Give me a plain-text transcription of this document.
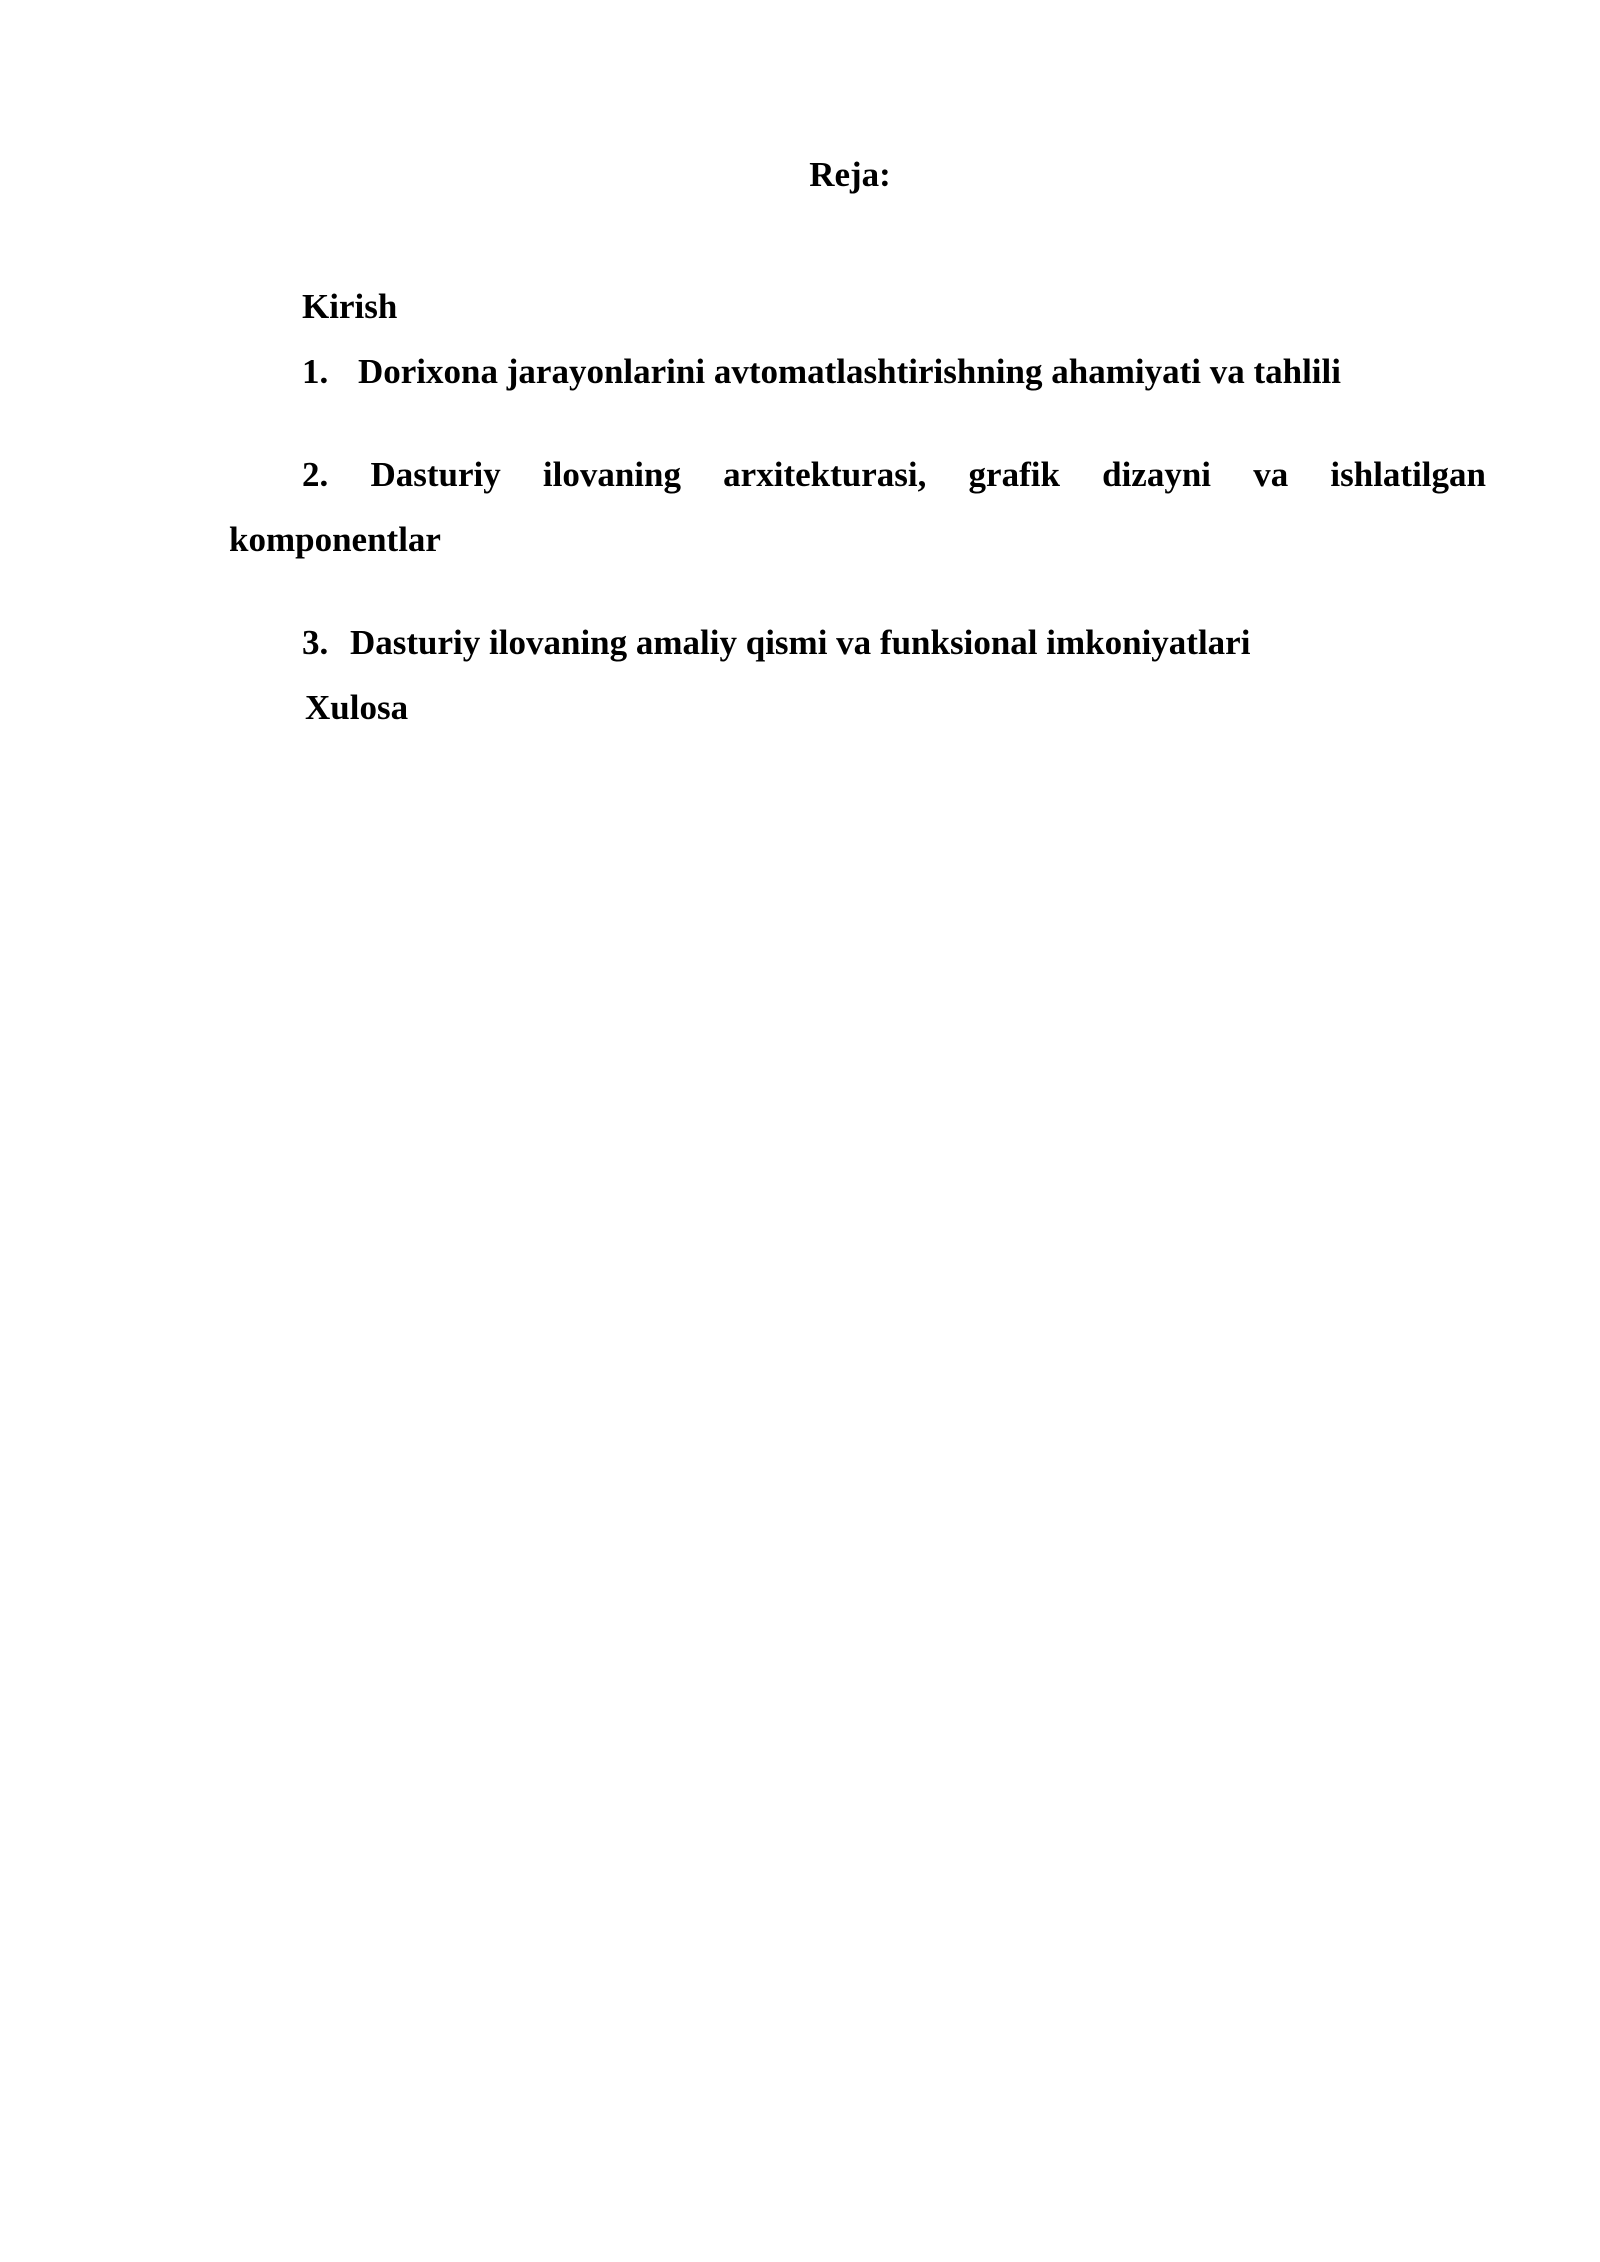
Reja:
Kirish
1. Dorixona jarayonlarini avtomatlashtirishning ahamiyati va tahlili
2. Dasturiy ilovaning arxitekturasi, grafik dizayni va ishlatilgan
komponentlar
3. Dasturiy ilovaning amaliy qismi va funksional imkoniyatlari
Xulosa
